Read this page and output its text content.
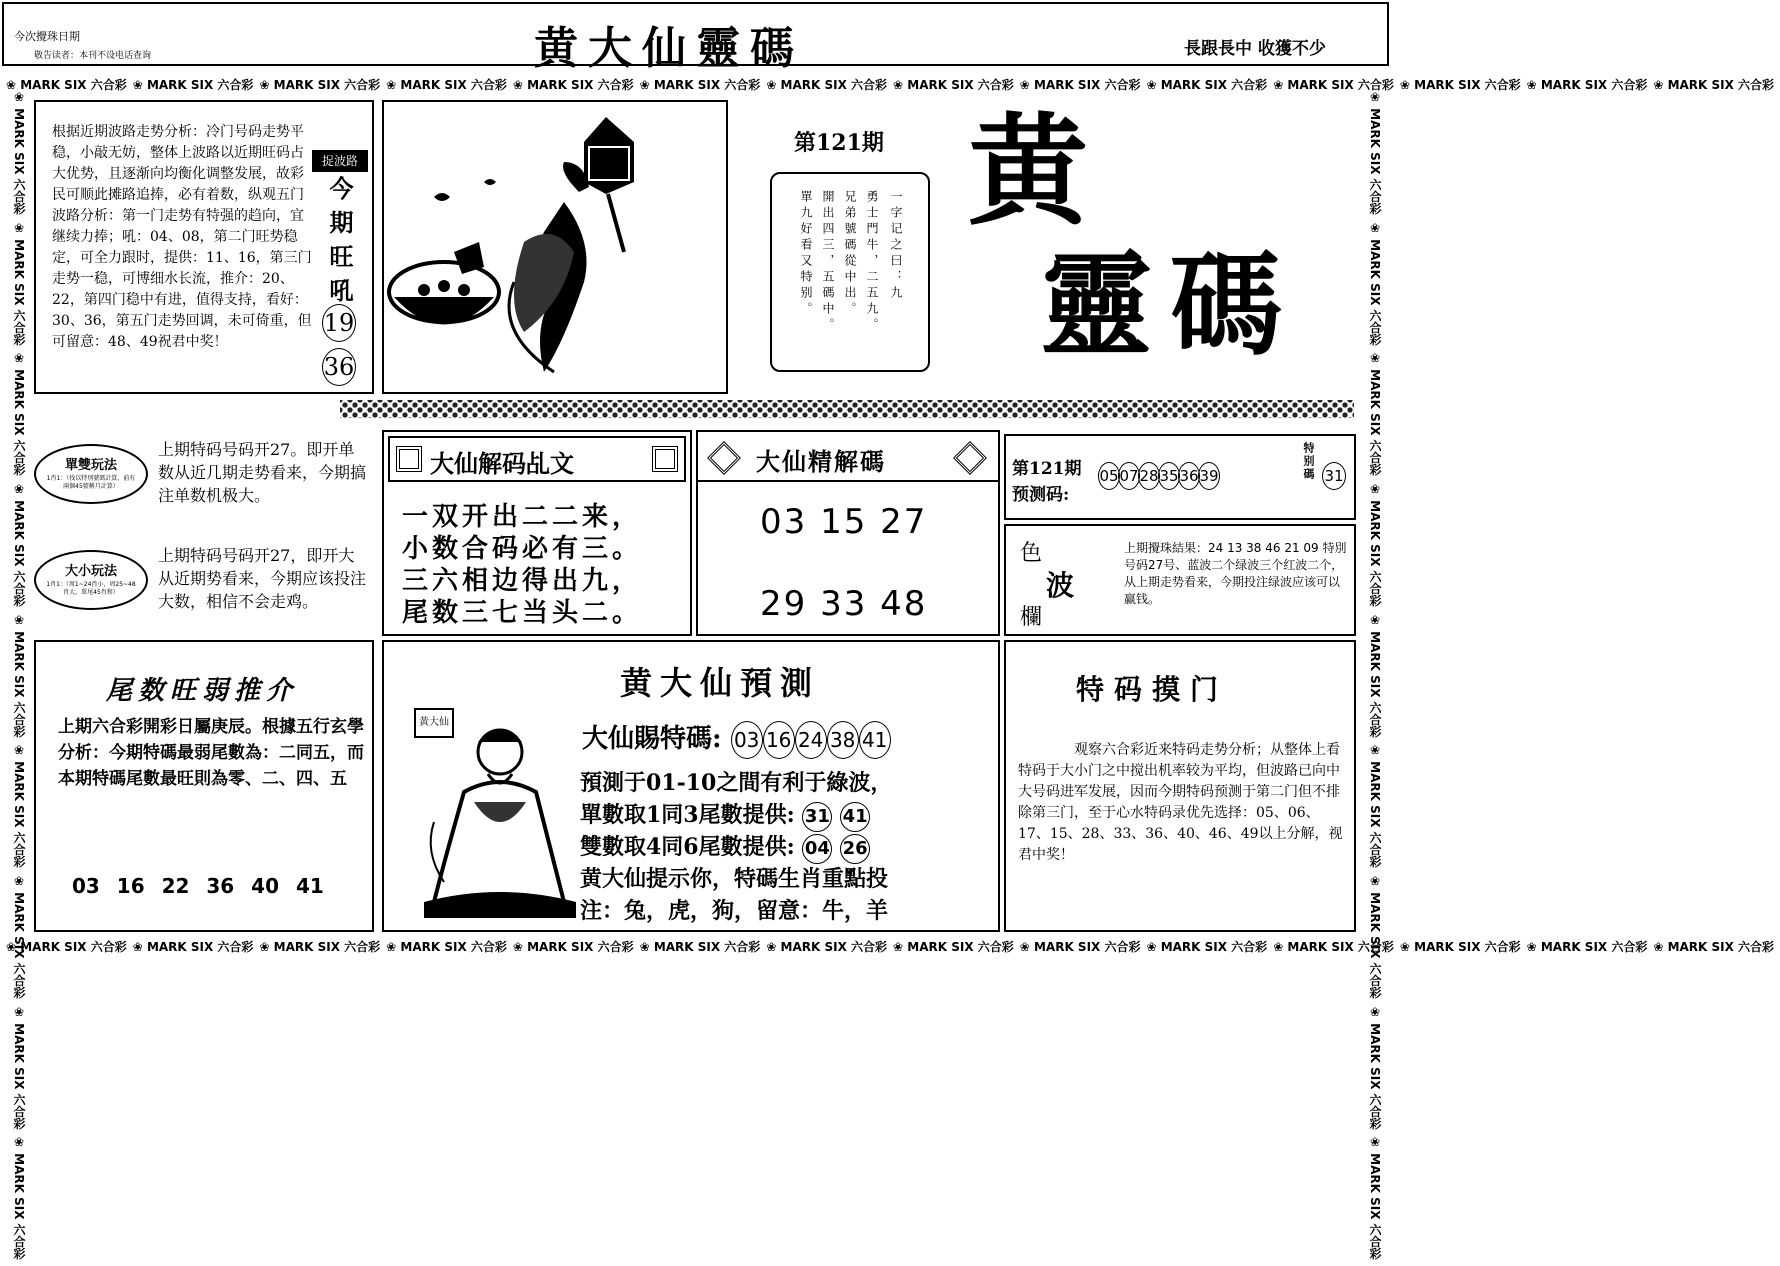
今次攪珠日期
敬告读者：本刊不设电话查询	黄大仙靈碼	長跟長中 收獲不少
❀ MARK SIX 六合彩 ❀ MARK SIX 六合彩 ❀ MARK SIX 六合彩 ❀ MARK SIX 六合彩 ❀ MARK SIX 六合彩 ❀ MARK SIX 六合彩 ❀ MARK SIX 六合彩 ❀ MARK SIX 六合彩 ❀ MARK SIX 六合彩 ❀ MARK SIX 六合彩 ❀ MARK SIX 六合彩 ❀ MARK SIX 六合彩 ❀ MARK SIX 六合彩 ❀ MARK SIX 六合彩
❀ MARK SIX 六合彩 ❀ MARK SIX 六合彩 ❀ MARK SIX 六合彩 ❀ MARK SIX 六合彩 ❀ MARK SIX 六合彩 ❀ MARK SIX 六合彩 ❀ MARK SIX 六合彩 ❀ MARK SIX 六合彩 ❀ MARK SIX 六合彩 ❀ MARK SIX 六合彩 ❀ MARK SIX 六合彩 ❀ MARK SIX 六合彩 ❀ MARK SIX 六合彩 ❀ MARK SIX 六合彩
❀ MARK SIX 六合彩❀ MARK SIX 六合彩❀ MARK SIX 六合彩❀ MARK SIX 六合彩❀ MARK SIX 六合彩❀ MARK SIX 六合彩❀ MARK SIX 六合彩❀ MARK SIX 六合彩❀ MARK SIX 六合彩
❀ MARK SIX 六合彩❀ MARK SIX 六合彩❀ MARK SIX 六合彩❀ MARK SIX 六合彩❀ MARK SIX 六合彩❀ MARK SIX 六合彩❀ MARK SIX 六合彩❀ MARK SIX 六合彩❀ MARK SIX 六合彩
根据近期波路走势分析：冷门号码走势平稳，小敲无妨，整体上波路以近期旺码占大优势，且逐渐向均衡化调整发展，故彩民可顺此摊路追捧，必有着数，纵观五门波路分析：第一门走势有特强的趋向，宜继续力捧；吼：04、08，第二门旺势稳定，可全力跟时，提供：11、16，第三门走势一稳，可博细水长流，推介：20、22，第四门稳中有进，值得支持，看好：30、36，第五门走势回调，未可倚重，但可留意：48、49祝君中奖！
捉波路
今期旺吼
19
36
第121期
一字记之曰：九
勇士門牛，二五九。
兄弟號碼從中出。
開出四三，五碼中。
單九好看又特别。
黄
靈 碼
單雙玩法
1肖1：（找以特別號碼計算，前有兩個45號稱月計算）
上期特码号码开27。即开单数从近几期走势看来，今期搞注单数机极大。
大小玩法
1肖1：（周1~24肖小，周25~48肖大，單尾45肖和）
上期特码号码开27，即开大从近期势看来，今期应该投注大数，相信不会走鸡。
大仙解码乩文
一双开出二二来，
小数合码必有三。
三六相边得出九，
尾数三七当头二。
大仙精解碼
03 15 27
29 33 48
第121期
预测码:
050728353639	特别碼 31
色
波
欄
上期攪珠結果：24 13 38 46 21 09 特別号码27号、蓝波二个绿波三个红波二个，从上期走势看来，今期投注绿波应该可以赢钱。
尾数旺弱推介
上期六合彩開彩日屬庚辰。根據五行玄學分析：今期特碼最弱尾數為：二同五，而本期特碼尾數最旺則為零、二、四、五
03 16 22 36 40 41
黄大仙預測
黃大仙
大仙賜特碼: 03 16 24 38 41
預測于01-10之間有利于綠波，
單數取1同3尾數提供: 31 41
雙數取4同6尾數提供: 04 26
黄大仙提示你，特碼生肖重點投
注：兔，虎，狗，留意：牛，羊
特码摸门
观察六合彩近来特码走势分析；从整体上看特码于大小门之中搅出机率较为平均，但波路已向中大号码进军发展，因而今期特码预测于第二门但不排除第三门，至于心水特码录优先选择：05、06、17、15、28、33、36、40、46、49以上分解，视君中奖！
